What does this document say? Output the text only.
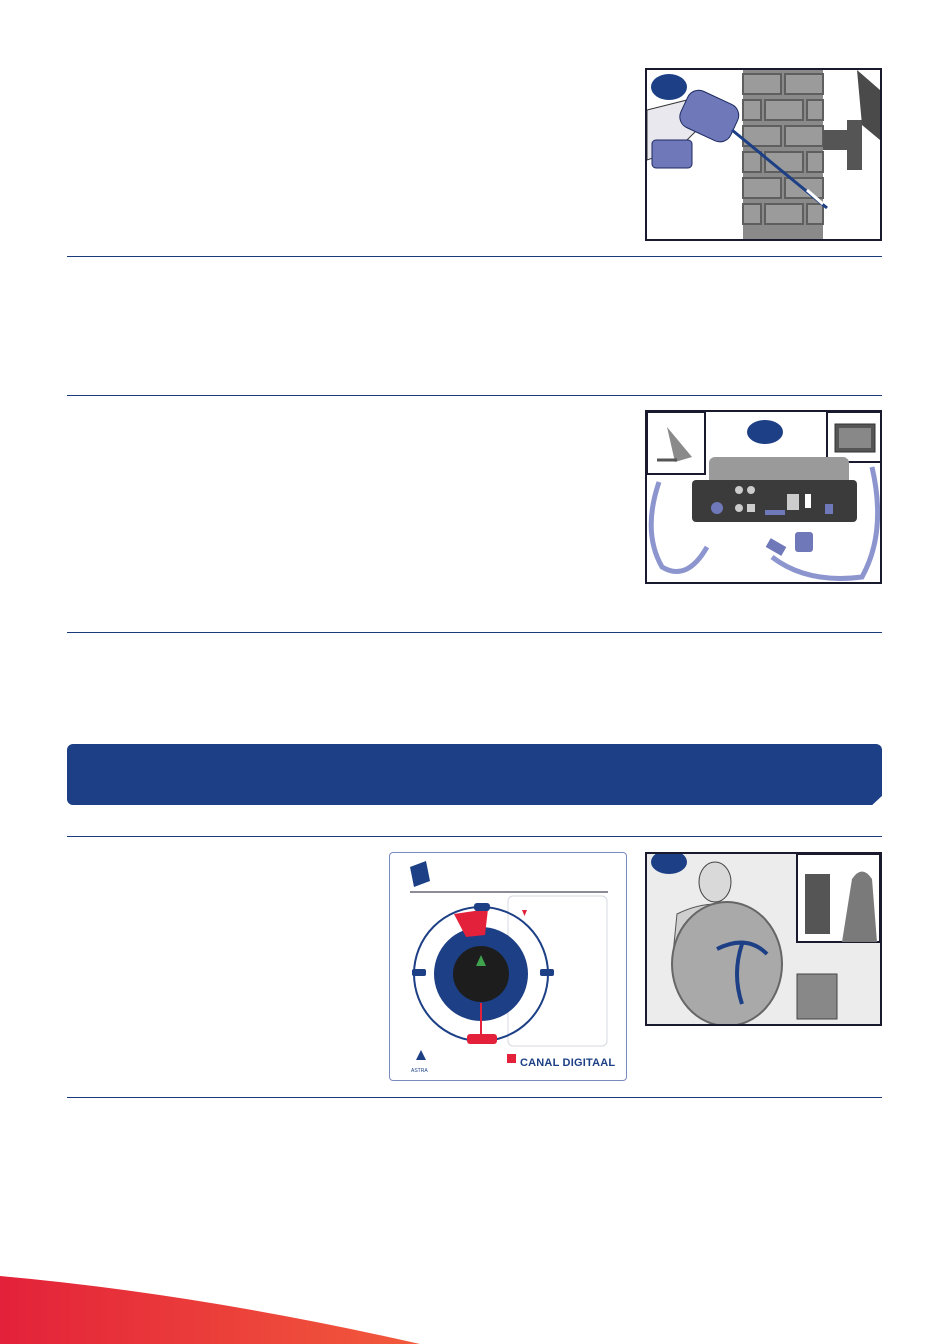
ASTRA
CANAL DIGITAAL
